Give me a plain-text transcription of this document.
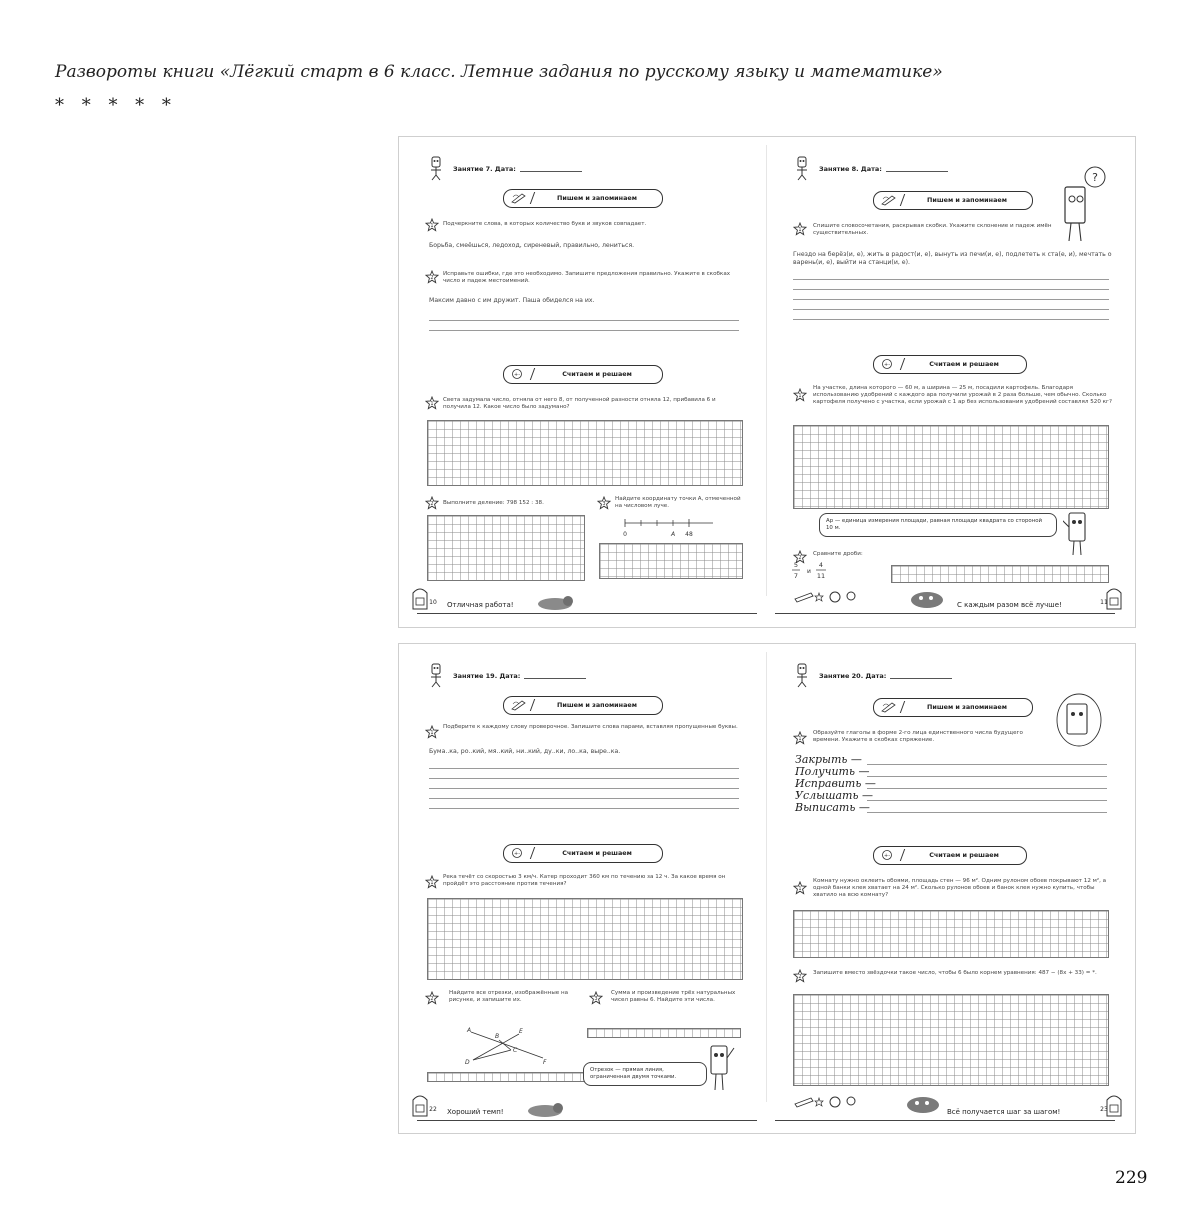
Развороты книги «Лёгкий старт в 6 класс. Летние задания по русскому языку и математике»
* * * * *
Занятие 7. Дата:
Пишем и запоминаем
1 Подчеркните слова, в которых количество букв и звуков совпадает.
Борьба, смеёшься, ледоход, сиреневый, правильно, лениться.
2
Исправьте ошибки, где это необходимо. Запишите предложения правильно. Укажите в скобках число и падеж местоимений.
Максим давно с им дружит. Паша обиделся на их.
+-	Считаем и решаем
1
Света задумала число, отняла от него 8, от полученной разности отняла 12, прибавила 6 и получила 12. Какое число было задумано?
2 Выполните деление: 798 152 : 38.	3
Найдите координату точки A, отмеченной на числовом луче.
0	A 48
10	Отличная работа!
Занятие 8. Дата:
?
Пишем и запоминаем
1
Спишите словосочетания, раскрывая скобки. Укажите склонение и падеж имён существительных.
Гнездо на берёз(и, е), жить в радост(и, е), вынуть из печи(и, е), подлететь к ста(е, и), мечтать о варень(и, е), выйти на станци(и, е).
+-	Считаем и решаем
1
На участке, длина которого — 60 м, а ширина — 25 м, посадили картофель. Благодаря использованию удобрений с каждого ара получили урожай в 2 раза больше, чем обычно. Сколько картофеля получено с участка, если урожай с 1 ар без использования удобрений составлял 520 кг?
Ар — единица измерения площади, равная площади квадрата со стороной 10 м.
2
Сравните дроби:
5
7
и
4
11
С каждым разом всё лучше!	11
Занятие 19. Дата:
Пишем и запоминаем
1
Подберите к каждому слову проверочное. Запишите слова парами, вставляя пропущенные буквы.
Бума..ка, ро..кий, мя..кий, ни..кий, ду..ки, ло..ка, выре..ка.
+-	Считаем и решаем
1
Река течёт со скоростью 3 км/ч. Катер проходит 360 км по течению за 12 ч. За какое время он пройдёт это расстояние против течения?
2
Найдите все отрезки, изображённые на рисунке, и запишите их.
A
B
E
C
D	F
3
Сумма и произведение трёх натуральных чисел равны 6. Найдите эти числа.
Отрезок — прямая линия, ограниченная двумя точками.
22	Хороший темп!
Занятие 20. Дата:
Пишем и запоминаем
1
Образуйте глаголы в форме 2-го лица единственного числа будущего времени. Укажите в скобках спряжение.
Закрыть —
Получить —
Исправить —
Услышать —
Выписать —
+-	Считаем и решаем
1
Комнату нужно оклеить обоями, площадь стен — 96 м². Одним рулоном обоев покрывают 12 м², а одной банки клея хватает на 24 м². Сколько рулонов обоев и банок клея нужно купить, чтобы хватило на всю комнату?
2
Запишите вместо звёздочки такое число, чтобы 6 было корнем уравнения: 487 − (8x + 33) = *.
Всё получается шаг за шагом!	23
229
